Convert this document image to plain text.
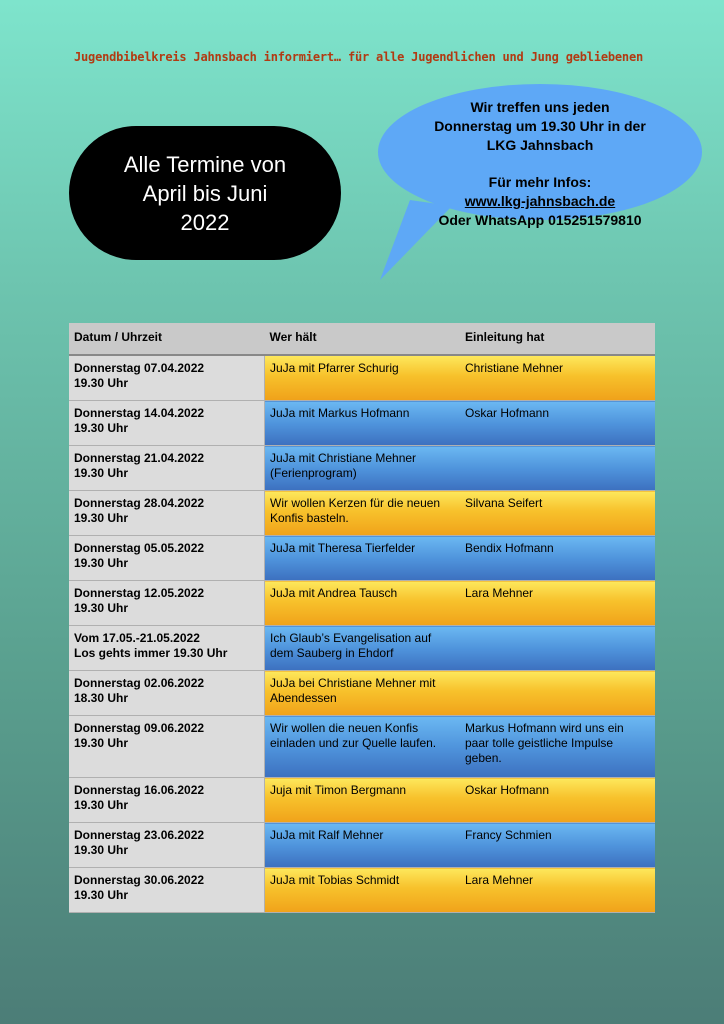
Jugendbibelkreis Jahnsbach informiert… für alle Jugendlichen und Jung gebliebenen
Alle Termine von
April bis Juni
2022
Wir treffen uns jeden
Donnerstag um 19.30 Uhr in der
LKG Jahnsbach
Für mehr Infos:
www.lkg-jahnsbach.de
Oder WhatsApp 015251579810
Datum / Uhrzeit	Wer hält	Einleitung hat

Donnerstag 07.04.2022
19.30 Uhr	JuJa mit Pfarrer Schurig	Christiane Mehner

Donnerstag 14.04.2022
19.30 Uhr	JuJa mit Markus Hofmann	Oskar Hofmann

Donnerstag 21.04.2022
19.30 Uhr	JuJa mit Christiane Mehner (Ferienprogram)	

Donnerstag 28.04.2022
19.30 Uhr	Wir wollen Kerzen für die neuen Konfis basteln.	Silvana Seifert

Donnerstag 05.05.2022
19.30 Uhr	JuJa mit Theresa Tierfelder	Bendix Hofmann

Donnerstag 12.05.2022
19.30 Uhr	JuJa mit Andrea Tausch	Lara Mehner

Vom 17.05.-21.05.2022
Los gehts immer 19.30 Uhr	Ich Glaub’s Evangelisation auf dem Sauberg in Ehdorf	

Donnerstag 02.06.2022
18.30 Uhr	JuJa bei Christiane Mehner mit Abendessen	

Donnerstag 09.06.2022
19.30 Uhr	Wir wollen die neuen Konfis einladen und zur Quelle laufen.	Markus Hofmann wird uns ein paar tolle geistliche Impulse geben.

Donnerstag 16.06.2022
19.30 Uhr	Juja mit Timon Bergmann	Oskar Hofmann

Donnerstag 23.06.2022
19.30 Uhr	JuJa mit Ralf Mehner	Francy Schmien

Donnerstag 30.06.2022
19.30 Uhr	JuJa mit Tobias Schmidt	Lara Mehner
